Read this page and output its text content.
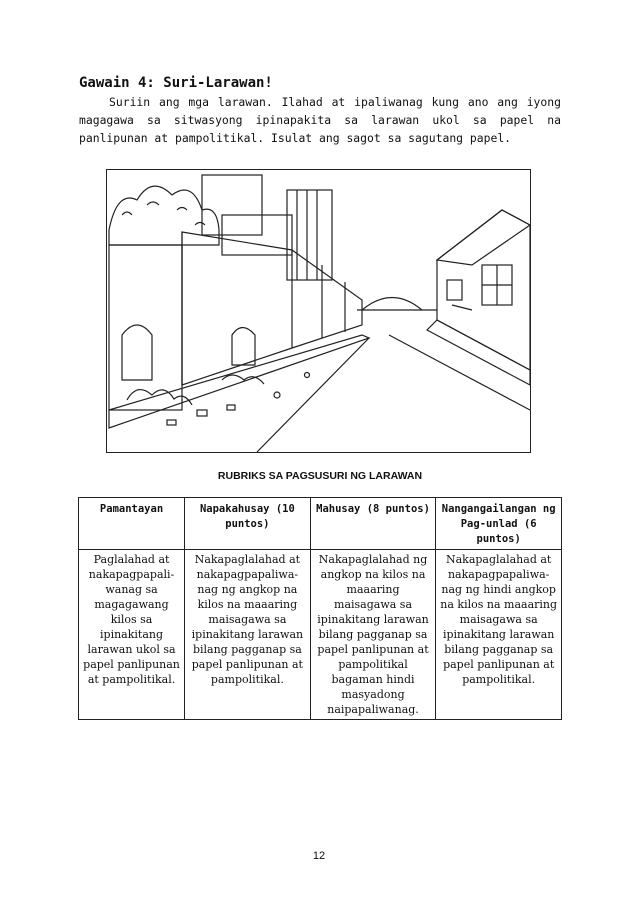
Gawain 4: Suri-Larawan!
Suriin ang mga larawan. Ilahad at ipaliwanag kung ano ang iyong magagawa sa sitwasyong ipinapakita sa larawan ukol sa papel na panlipunan at pampolitikal. Isulat ang sagot sa sagutang papel.
RUBRIKS SA PAGSUSURI NG LARAWAN
Pamantayan	Napakahusay (10 puntos)	Mahusay (8 puntos)	Nangangailangan ng Pag-unlad (6 puntos)
Paglalahad at nakapagpapali-wanag sa magagawang kilos sa ipinakitang larawan ukol sa papel panlipunan at pampolitikal.	Nakapaglalahad at nakapagpapaliwa-nag ng angkop na kilos na maaaring maisagawa sa ipinakitang larawan bilang pagganap sa papel panlipunan at pampolitikal.	Nakapaglalahad ng angkop na kilos na maaaring maisagawa sa ipinakitang larawan bilang pagganap sa papel panlipunan at pampolitikal bagaman hindi masyadong naipapaliwanag.	Nakapaglalahad at nakapagpapaliwa-nag ng hindi angkop na kilos na maaaring maisagawa sa ipinakitang larawan bilang pagganap sa papel panlipunan at pampolitikal.
12
